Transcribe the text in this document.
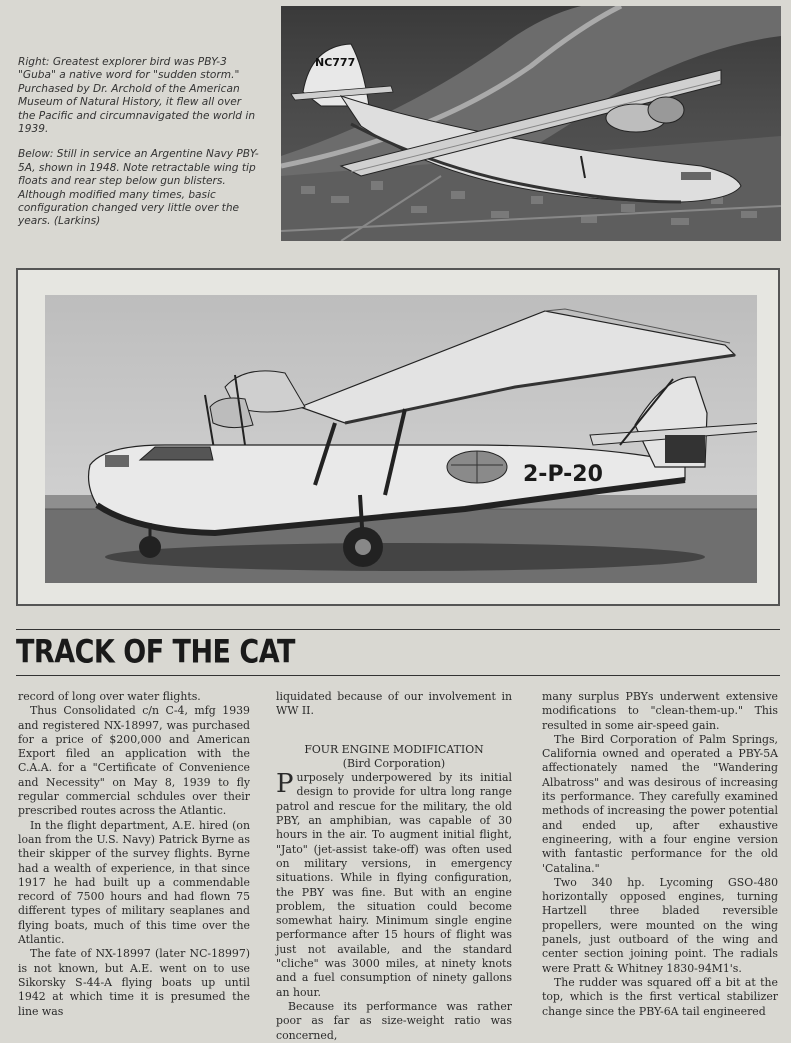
Right: Greatest explorer bird was PBY-3 "Guba" a native word for "sudden storm." Purchased by Dr. Archold of the American Museum of Natural History, it flew all over the Pacific and circumnavigated the world in 1939.

Below: Still in service an Argentine Navy PBY-5A, shown in 1948. Note retractable wing tip floats and rear step below gun blisters. Although modified many times, basic configuration changed very little over the years. (Larkins)

NC777
2-P-20
TRACK OF THE CAT

record of long over water flights.

Thus Consolidated c/n C-4, mfg 1939 and registered NX-18997, was purchased for a price of $200,000 and American Export filed an application with the C.A.A. for a "Certificate of Convenience and Necessity" on May 8, 1939 to fly regular commercial schdules over their prescribed routes across the Atlantic.

In the flight department, A.E. hired (on loan from the U.S. Navy) Patrick Byrne as their skipper of the survey flights. Byrne had a wealth of experience, in that since 1917 he had built up a commendable record of 7500 hours and had flown 75 different types of military seaplanes and flying boats, much of this time over the Atlantic.

The fate of NX-18997 (later NC-18997) is not known, but A.E. went on to use Sikorsky S-44-A flying boats up until 1942 at which time it is presumed the line was

liquidated because of our involvement in WW II.

FOUR ENGINE MODIFICATION
(Bird Corporation)

Purposely underpowered by its initial design to provide for ultra long range patrol and rescue for the military, the old PBY, an amphibian, was capable of 30 hours in the air. To augment initial flight, "Jato" (jet-assist take-off) was often used on military versions, in emergency situations. While in flying configuration, the PBY was fine. But with an engine problem, the situation could become somewhat hairy. Minimum single engine performance after 15 hours of flight was just not available, and the standard "cliche" was 3000 miles, at ninety knots and a fuel consumption of ninety gallons an hour.

Because its performance was rather poor as far as size-weight ratio was concerned,

many surplus PBYs underwent extensive modifications to "clean-them-up." This resulted in some air-speed gain.

The Bird Corporation of Palm Springs, California owned and operated a PBY-5A affectionately named the "Wandering Albatross" and was desirous of increasing its performance. They carefully examined methods of increasing the power potential and ended up, after exhaustive engineering, with a four engine version with fantastic performance for the old 'Catalina."

Two 340 hp. Lycoming GSO-480 horizontally opposed engines, turning Hartzell three bladed reversible propellers, were mounted on the wing panels, just outboard of the wing and center section joining point. The radials were Pratt & Whitney 1830-94M1's.

The rudder was squared off a bit at the top, which is the first vertical stabilizer change since the PBY-6A tail engineered
